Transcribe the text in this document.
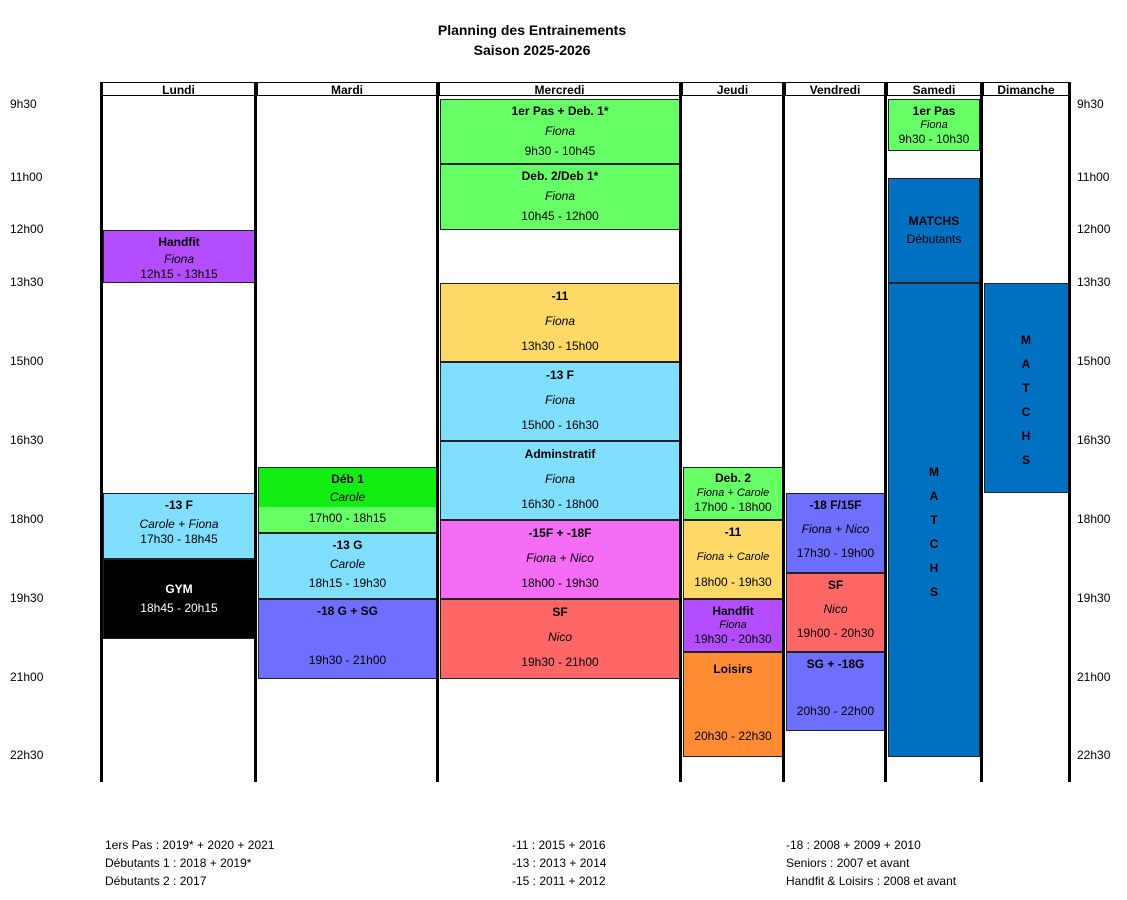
Planning des Entrainements
Saison 2025-2026
9h30
11h00
12h00
13h30
15h00
16h30
18h00
19h30
21h00
22h30
9h30
11h00
12h00
13h30
15h00
16h30
18h00
19h30
21h00
22h30
Lundi	Mardi	Mercredi	Jeudi	Vendredi	Samedi	Dimanche
Handfit
Fiona
12h15 - 13h15
-13 F
Carole + Fiona
17h30 - 18h45
GYM
18h45 - 20h15
Déb 1
Carole
17h00 - 18h15
-13 G
Carole
18h15 - 19h30
-18 G + SG
19h30 - 21h00
1er Pas + Deb. 1*
Fiona
9h30 - 10h45
Deb. 2/Deb 1*
Fiona
10h45 - 12h00
-11
Fiona
13h30 - 15h00
-13 F
Fiona
15h00 - 16h30
Adminstratif
Fiona
16h30 - 18h00
-15F + -18F
Fiona + Nico
18h00 - 19h30
SF
Nico
19h30 - 21h00
Deb. 2
Fiona + Carole
17h00 - 18h00
-11
Fiona + Carole
18h00 - 19h30
Handfit
Fiona
19h30 - 20h30
Loisirs
20h30 - 22h30
-18 F/15F
Fiona + Nico
17h30 - 19h00
SF
Nico
19h00 - 20h30
SG + -18G
20h30 - 22h00
1er Pas
Fiona
9h30 - 10h30
MATCHS
Débutants
M
A
T
C
H
S
M
A
T
C
H
S
1ers Pas : 2019* + 2020 + 2021
Débutants 1 : 2018 + 2019*
Débutants 2 : 2017
-11 : 2015 + 2016
-13 : 2013 + 2014
-15 : 2011 + 2012
-18 : 2008 + 2009 + 2010
Seniors : 2007 et avant
Handfit & Loisirs : 2008 et avant
